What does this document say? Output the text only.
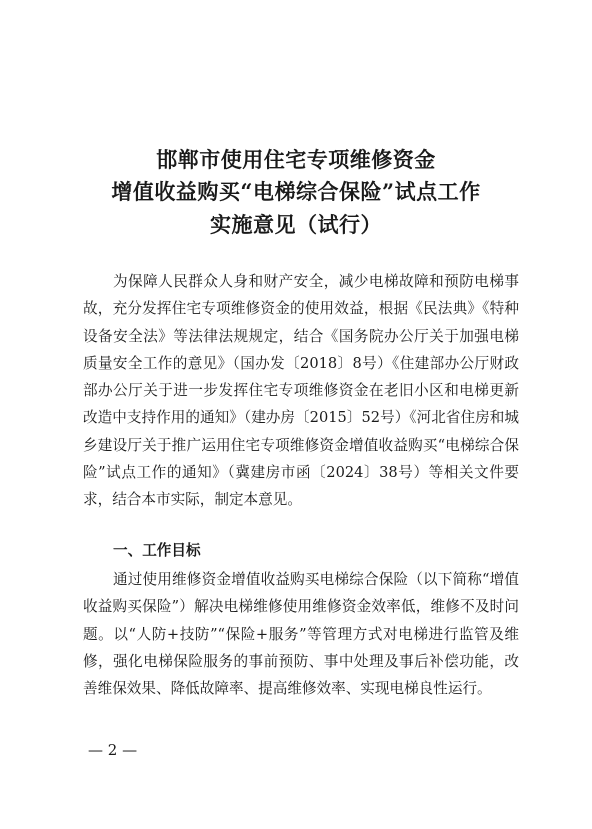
邯郸市使用住宅专项维修资金
增值收益购买“电梯综合保险”试点工作
实施意见（试行）
为保障人民群众人身和财产安全，减少电梯故障和预防电梯事故，充分发挥住宅专项维修资金的使用效益，根据《民法典》《特种设备安全法》等法律法规规定，结合《国务院办公厅关于加强电梯质量安全工作的意见》（国办发〔2018〕8号）《住建部办公厅财政部办公厅关于进一步发挥住宅专项维修资金在老旧小区和电梯更新改造中支持作用的通知》（建办房〔2015〕52号）《河北省住房和城乡建设厅关于推广运用住宅专项维修资金增值收益购买“电梯综合保险”试点工作的通知》（冀建房市函〔2024〕38号）等相关文件要求，结合本市实际，制定本意见。
一、工作目标
通过使用维修资金增值收益购买电梯综合保险（以下简称“增值收益购买保险”）解决电梯维修使用维修资金效率低，维修不及时问题。以“人防+技防”“保险+服务”等管理方式对电梯进行监管及维修，强化电梯保险服务的事前预防、事中处理及事后补偿功能，改善维保效果、降低故障率、提高维修效率、实现电梯良性运行。
— 2 —
